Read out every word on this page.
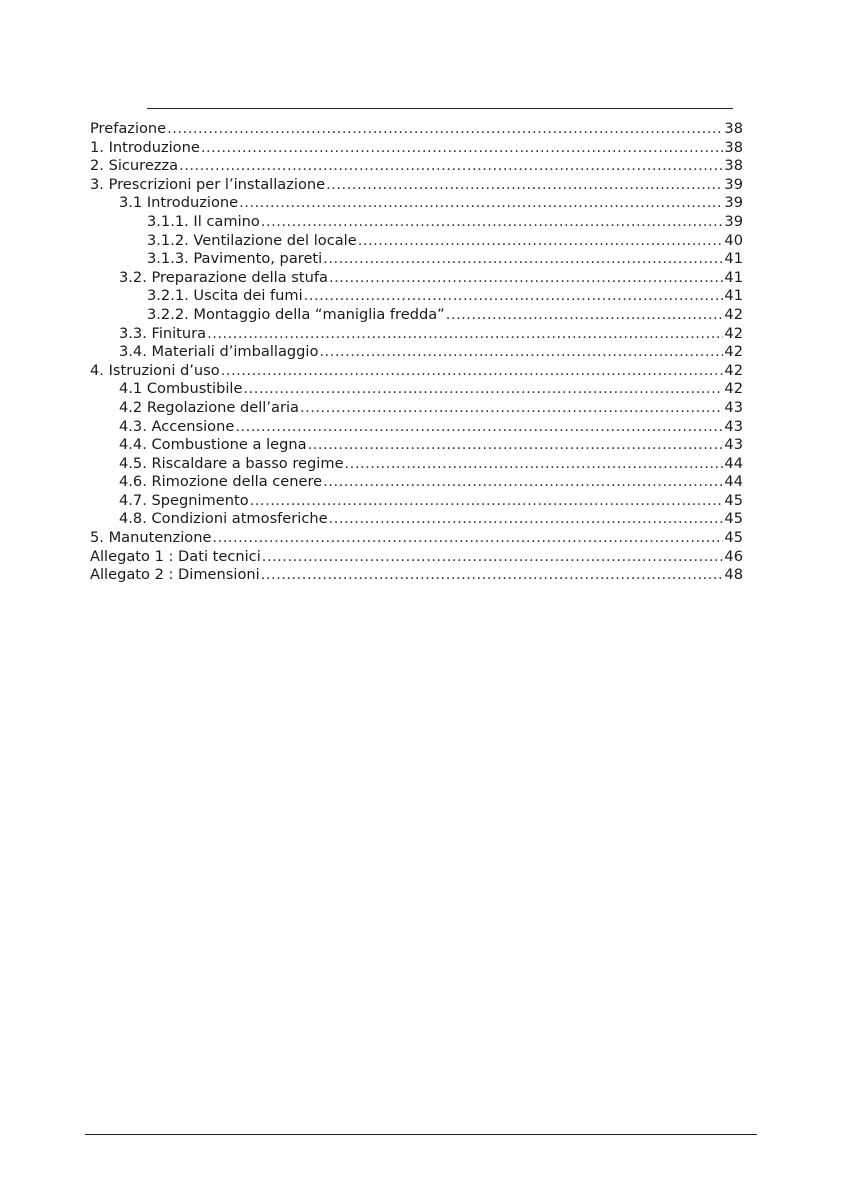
Prefazione .....	38
1. Introduzione .....	38
2. Sicurezza .....	38
3. Prescrizioni per l’installazione .....	39
3.1 Introduzione .....	39
3.1.1. Il camino .....	39
3.1.2. Ventilazione del locale .....	40
3.1.3. Pavimento, pareti .....	41
3.2. Preparazione della stufa .....	41
3.2.1. Uscita dei fumi .....	41
3.2.2. Montaggio della “maniglia fredda” .....	42
3.3. Finitura .....	42
3.4. Materiali d’imballaggio .....	42
4. Istruzioni d’uso .....	42
4.1 Combustibile .....	42
4.2 Regolazione dell’aria .....	43
4.3. Accensione .....	43
4.4. Combustione a legna .....	43
4.5. Riscaldare a basso regime .....	44
4.6. Rimozione della cenere .....	44
4.7. Spegnimento .....	45
4.8. Condizioni atmosferiche .....	45
5. Manutenzione .....	45
Allegato 1 : Dati tecnici .....	46
Allegato 2 : Dimensioni .....	48
